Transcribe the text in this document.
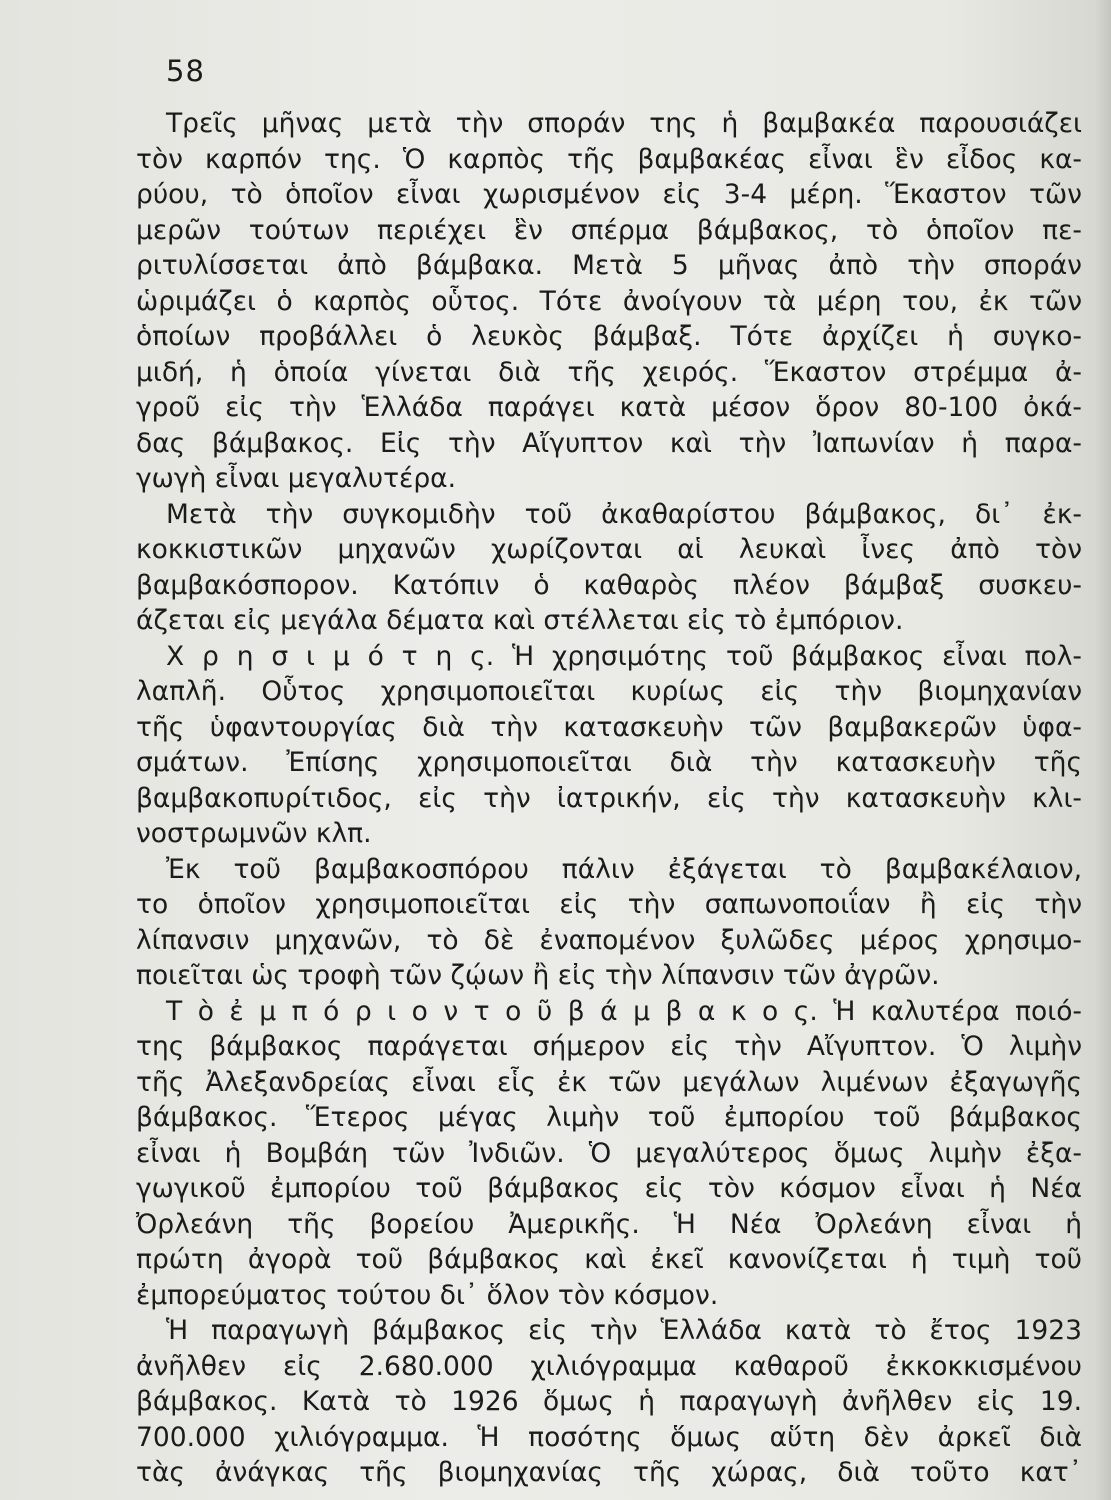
58
Τρεῖς μῆνας μετὰ τὴν σποράν της ἡ βαμβακέα παρουσιάζει
τὸν καρπόν της. Ὁ καρπὸς τῆς βαμβακέας εἶναι ἓν εἶδος κα-
ρύου, τὸ ὁποῖον εἶναι χωρισμένον εἰς 3-4 μέρη. Ἕκαστον τῶν
μερῶν τούτων περιέχει ἓν σπέρμα βάμβακος, τὸ ὁποῖον πε-
ριτυλίσσεται ἀπὸ βάμβακα. Μετὰ 5 μῆνας ἀπὸ τὴν σποράν
ὡριμάζει ὁ καρπὸς οὗτος. Τότε ἀνοίγουν τὰ μέρη του, ἐκ τῶν
ὁποίων προβάλλει ὁ λευκὸς βάμβαξ. Τότε ἀρχίζει ἡ συγκο-
μιδή, ἡ ὁποία γίνεται διὰ τῆς χειρός. Ἕκαστον στρέμμα ἀ-
γροῦ εἰς τὴν Ἑλλάδα παράγει κατὰ μέσον ὅρον 80-100 ὀκά-
δας βάμβακος. Εἰς τὴν Αἴγυπτον καὶ τὴν Ἰαπωνίαν ἡ παρα-
γωγὴ εἶναι μεγαλυτέρα.
Μετὰ τὴν συγκομιδὴν τοῦ ἀκαθαρίστου βάμβακος, δι᾽ ἐκ-
κοκκιστικῶν μηχανῶν χωρίζονται αἱ λευκαὶ ἶνες ἀπὸ τὸν
βαμβακόσπορον. Κατόπιν ὁ καθαρὸς πλέον βάμβαξ συσκευ-
άζεται εἰς μεγάλα δέματα καὶ στέλλεται εἰς τὸ ἐμπόριον.
Χ ρ η σ ι μ ό τ η ς. Ἡ χρησιμότης τοῦ βάμβακος εἶναι πολ-
λαπλῆ. Οὗτος χρησιμοποιεῖται κυρίως εἰς τὴν βιομηχανίαν
τῆς ὑφαντουργίας διὰ τὴν κατασκευὴν τῶν βαμβακερῶν ὑφα-
σμάτων. Ἐπίσης χρησιμοποιεῖται διὰ τὴν κατασκευὴν τῆς
βαμβακοπυρίτιδος, εἰς τὴν ἰατρικήν, εἰς τὴν κατασκευὴν κλι-
νοστρωμνῶν κλπ.
Ἐκ τοῦ βαμβακοσπόρου πάλιν ἐξάγεται τὸ βαμβακέλαιον,
το ὁποῖον χρησιμοποιεῖται εἰς τὴν σαπωνοποιΐαν ἢ εἰς τὴν
λίπανσιν μηχανῶν, τὸ δὲ ἐναπομένον ξυλῶδες μέρος χρησιμο-
ποιεῖται ὡς τροφὴ τῶν ζῴων ἢ εἰς τὴν λίπανσιν τῶν ἀγρῶν.
Τ ὸ ἐ μ π ό ρ ι ο ν τ ο ῦ β ά μ β α κ ο ς. Ἡ καλυτέρα ποιό-
της βάμβακος παράγεται σήμερον εἰς τὴν Αἴγυπτον. Ὁ λιμὴν
τῆς Ἀλεξανδρείας εἶναι εἷς ἐκ τῶν μεγάλων λιμένων ἐξαγωγῆς
βάμβακος. Ἕτερος μέγας λιμὴν τοῦ ἐμπορίου τοῦ βάμβακος
εἶναι ἡ Βομβάη τῶν Ἰνδιῶν. Ὁ μεγαλύτερος ὅμως λιμὴν ἐξα-
γωγικοῦ ἐμπορίου τοῦ βάμβακος εἰς τὸν κόσμον εἶναι ἡ Νέα
Ὀρλεάνη τῆς βορείου Ἀμερικῆς. Ἡ Νέα Ὀρλεάνη εἶναι ἡ
πρώτη ἀγορὰ τοῦ βάμβακος καὶ ἐκεῖ κανονίζεται ἡ τιμὴ τοῦ
ἐμπορεύματος τούτου δι᾽ ὅλον τὸν κόσμον.
Ἡ παραγωγὴ βάμβακος εἰς τὴν Ἑλλάδα κατὰ τὸ ἔτος 1923
ἀνῆλθεν εἰς 2.680.000 χιλιόγραμμα καθαροῦ ἐκκοκκισμένου
βάμβακος. Κατὰ τὸ 1926 ὅμως ἡ παραγωγὴ ἀνῆλθεν εἰς 19.
700.000 χιλιόγραμμα. Ἡ ποσότης ὅμως αὕτη δὲν ἀρκεῖ διὰ
τὰς ἀνάγκας τῆς βιομηχανίας τῆς χώρας, διὰ τοῦτο κατ᾽
